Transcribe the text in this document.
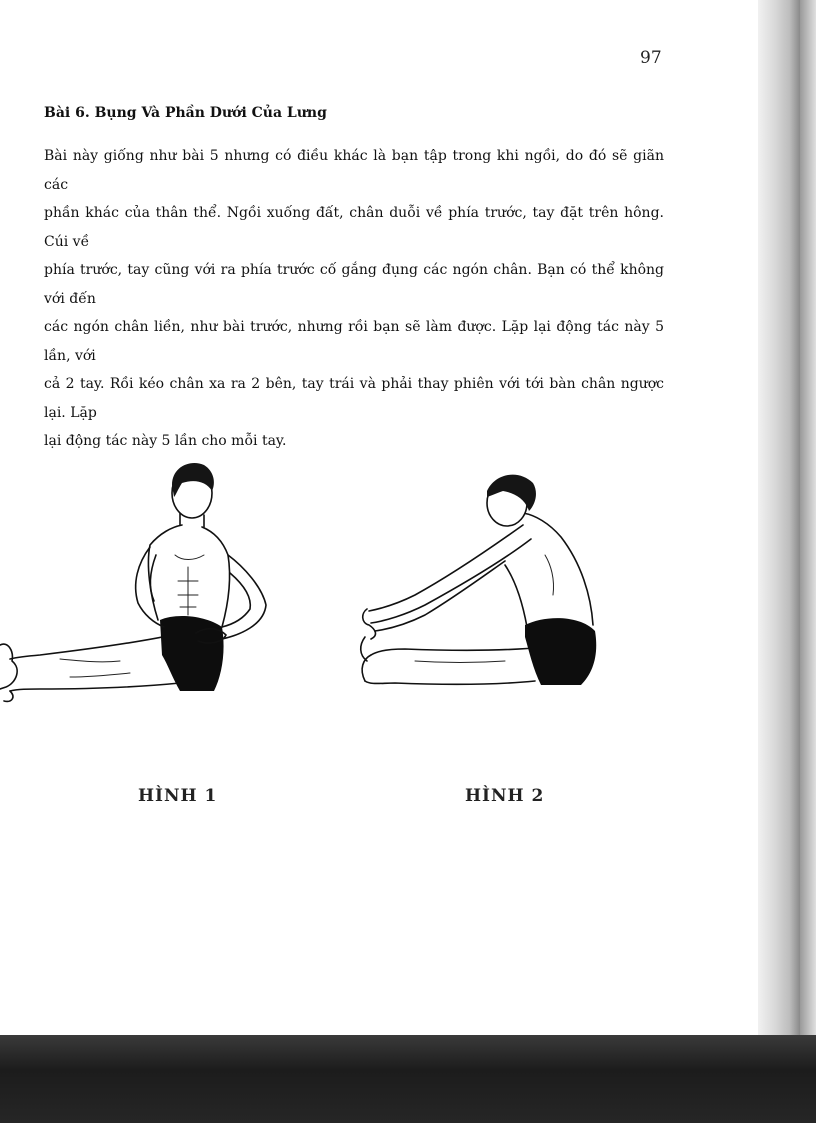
97
Bài 6. Bụng Và Phần Dưới Của Lưng
Bài này giống như bài 5 nhưng có điều khác là bạn tập trong khi ngồi, do đó sẽ giãn các
phần khác của thân thể. Ngồi xuống đất, chân duỗi về phía trước, tay đặt trên hông. Cúi về
phía trước, tay cũng với ra phía trước cố gắng đụng các ngón chân. Bạn có thể không với đến
các ngón chân liền, như bài trước, nhưng rồi bạn sẽ làm được. Lặp lại động tác này 5 lần, với
cả 2 tay. Rồi kéo chân xa ra 2 bên, tay trái và phải thay phiên với tới bàn chân ngược lại. Lặp
lại động tác này 5 lần cho mỗi tay.
HÌNH 1	HÌNH 2
